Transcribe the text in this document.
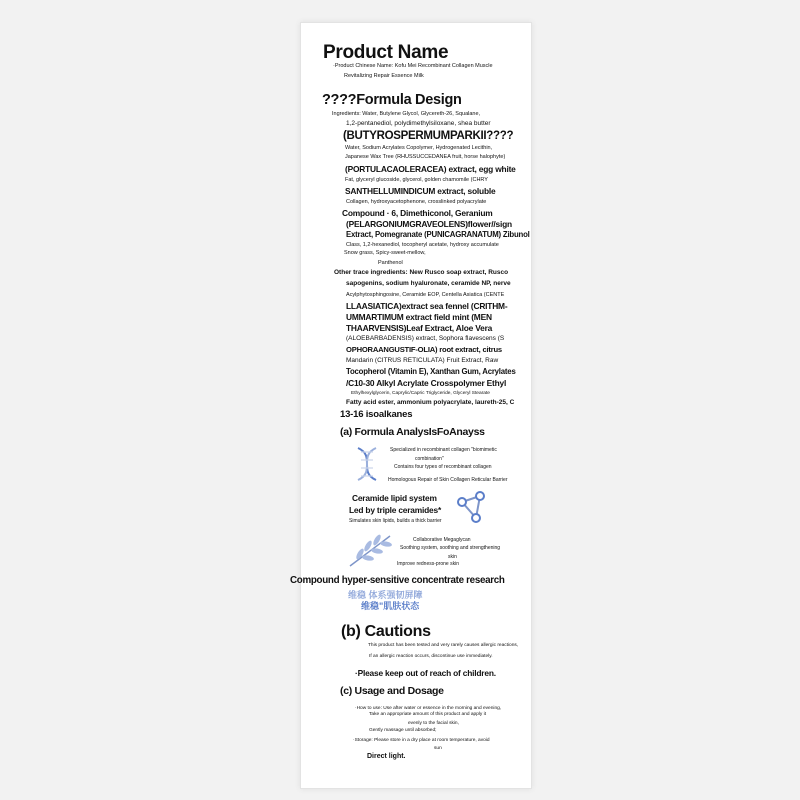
Product Name
·Product Chinese Name: Kofu Mei Recombinant Collagen Muscle
Revitalizing Repair Essence Milk
????Formula Design
Ingredients: Water, Butylene Glycol, Glycereth-26, Squalane,
1,2-pentanediol, polydimethylsiloxane, shea butter
(BUTYROSPERMUMPARKII????
Water, Sodium Acrylates Copolymer, Hydrogenated Lecithin,
Japanese Wax Tree (RHUSSUCCEDANEA fruit, horse halophyte)
(PORTULACAOLERACEA) extract, egg white
Fat, glyceryl glucoside, glycerol, golden chamomile (CHRY
SANTHELLUMINDICUM extract, soluble
Collagen, hydroxyacetophenone, crosslinked polyacrylate
Compound · 6, Dimethiconol, Geranium
(PELARGONIUMGRAVEOLENS)flower//sign
Extract, Pomegranate (PUNICAGRANATUM) Zibunol
Class, 1,2-hexanediol, tocopheryl acetate, hydroxy accumulate
Snow grass, Spicy-sweet-mellow,
Panthenol
Other trace ingredients: New Rusco soap extract, Rusco
sapogenins, sodium hyaluronate, ceramide NP, nerve
Acylphytosphingosine, Ceramide EOP, Centella Asiatica (CENTE
LLAASIATICA)extract sea fennel (CRITHM-
UMMARTIMUM extract field mint (MEN
THAARVENSIS)Leaf Extract, Aloe Vera
(ALOEBARBADENSIS) extract, Sophora flavescens (S
OPHORAANGUSTIF-OLIA) root extract, citrus
Mandarin (CITRUS RETICULATA) Fruit Extract, Raw
Tocopherol (Vitamin E), Xanthan Gum, Acrylates
/C10-30 Alkyl Acrylate Crosspolymer Ethyl
Ethylhexylglycerin, Caprylic/Capric Triglyceride, Glyceryl Stearate
Fatty acid ester, ammonium polyacrylate, laureth-25, C
13-16 isoalkanes
(a) Formula AnalysIsFoAnayss
Specialized in recombinant collagen "biomimetic
combination"
Contains four types of recombinant collagen
Homologous Repair of Skin Collagen Reticular Barrier
Ceramide lipid system
Led by triple ceramides*
Simulates skin lipids, builds a thick barrier
Collaborative Megaglycan
Soothing system, soothing and strengthening
skin
Improve redness-prone skin
Compound hyper-sensitive concentrate research
维稳 体系强韧屏障
维稳"肌肤状态
(b) Cautions
This product has been tested and very rarely causes allergic reactions,
If an allergic reaction occurs, discontinue use immediately.
·Please keep out of reach of children.
(c) Usage and Dosage
·How to use: Use after water or essence in the morning and evening,
Take an appropriate amount of this product and apply it
evenly to the facial skin,
Gently massage until absorbed;
·Storage: Please store in a dry place at room temperature, avoid
sun
Direct light.
